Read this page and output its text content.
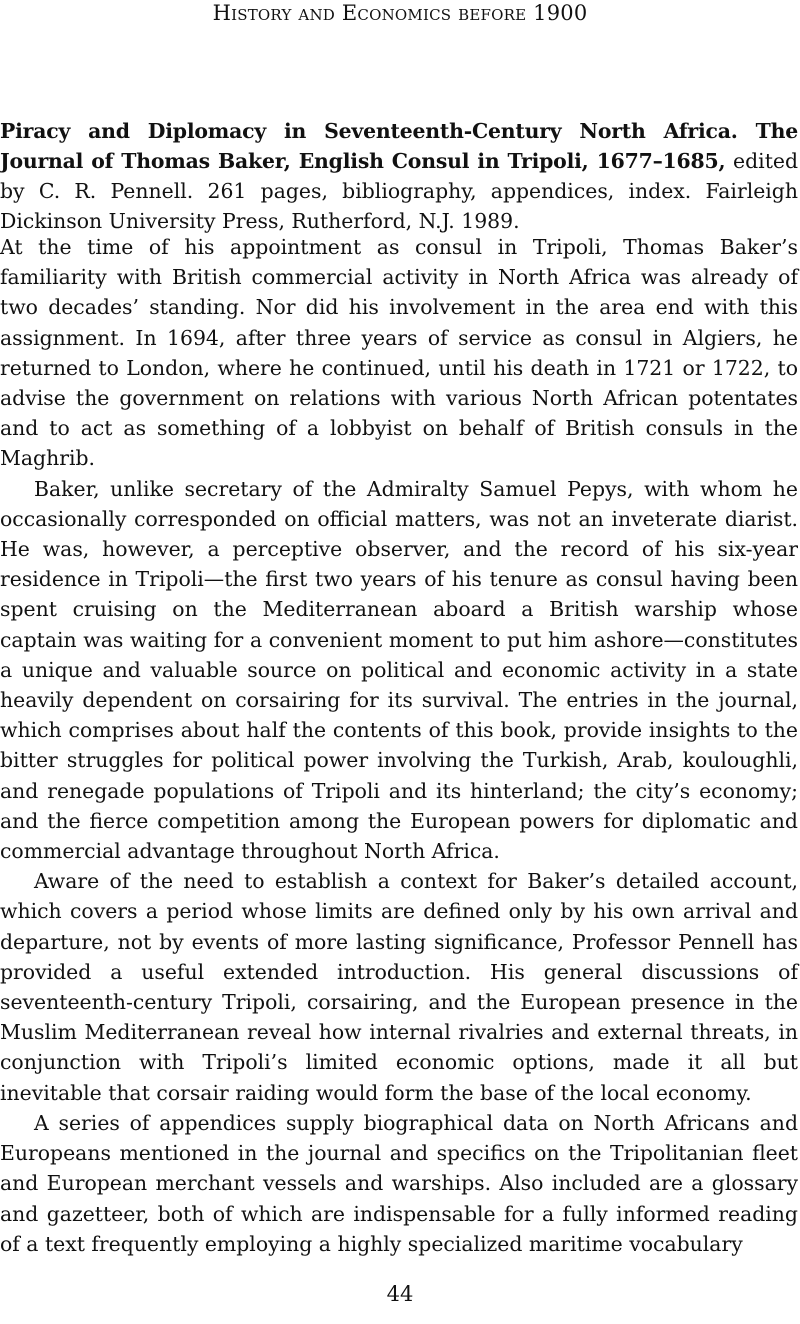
History and Economics before 1900

Piracy and Diplomacy in Seventeenth-Century North Africa. The Journal of Thomas Baker, English Consul in Tripoli, 1677–1685, edited by C. R. Pennell. 261 pages, bibliography, appendices, index. Fairleigh Dickinson University Press, Rutherford, N.J. 1989.

At the time of his appointment as consul in Tripoli, Thomas Baker’s familiarity with British commercial activity in North Africa was already of two decades’ standing. Nor did his involvement in the area end with this assignment. In 1694, after three years of service as consul in Algiers, he returned to London, where he continued, until his death in 1721 or 1722, to advise the government on relations with various North African potentates and to act as something of a lobbyist on behalf of British consuls in the Maghrib.

Baker, unlike secretary of the Admiralty Samuel Pepys, with whom he occasionally corresponded on official matters, was not an inveterate diarist. He was, however, a perceptive observer, and the record of his six-year residence in Tripoli—the first two years of his tenure as consul having been spent cruising on the Mediterranean aboard a British warship whose captain was waiting for a convenient moment to put him ashore—constitutes a unique and valuable source on political and economic activity in a state heavily dependent on corsairing for its survival. The entries in the journal, which comprises about half the contents of this book, provide insights to the bitter struggles for political power involving the Turkish, Arab, kouloughli, and renegade populations of Tripoli and its hinterland; the city’s economy; and the fierce competition among the European powers for diplomatic and commercial advantage throughout North Africa.

Aware of the need to establish a context for Baker’s detailed account, which covers a period whose limits are defined only by his own arrival and departure, not by events of more lasting significance, Professor Pennell has provided a useful extended introduction. His general discussions of seventeenth-century Tripoli, corsairing, and the European presence in the Muslim Mediterranean reveal how internal rivalries and external threats, in conjunction with Tripoli’s limited economic options, made it all but inevitable that corsair raiding would form the base of the local economy.

A series of appendices supply biographical data on North Africans and Europeans mentioned in the journal and specifics on the Tripolitanian fleet and European merchant vessels and warships. Also included are a glossary and gazetteer, both of which are indispensable for a fully informed reading of a text frequently employing a highly specialized maritime vocabulary

44
